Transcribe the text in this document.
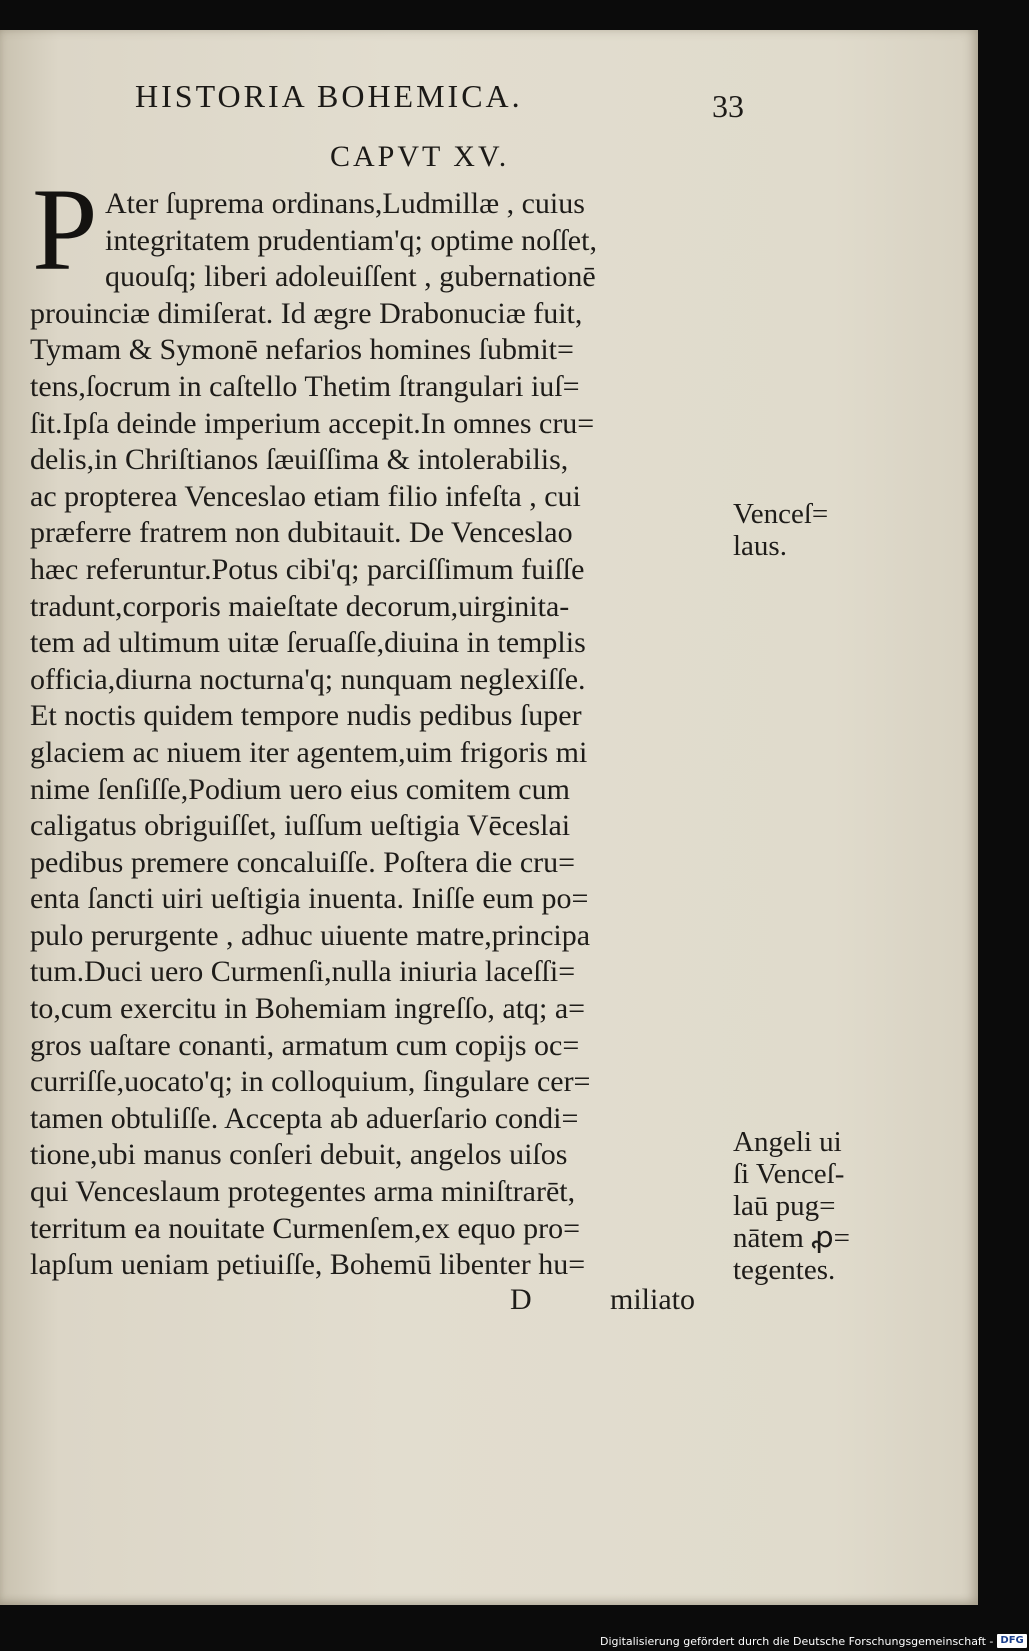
HISTORIA BOHEMICA.	33
CAPVT XV.
P Ater ſuprema ordinans,Ludmillæ , cuius
integritatem prudentiam'q; optime noſſet,
quouſq; liberi adoleuiſſent , gubernationē
prouinciæ dimiſerat. Id ægre Drabonuciæ fuit,
Tymam & Symonē nefarios homines ſubmit=
tens,ſocrum in caſtello Thetim ſtrangulari iuſ=
ſit.Ipſa deinde imperium accepit.In omnes cru=
delis,in Chriſtianos ſæuiſſima & intolerabilis,
ac propterea Venceslao etiam filio infeſta , cui
præferre fratrem non dubitauit. De Venceslao
hæc referuntur.Potus cibi'q; parciſſimum fuiſſe
tradunt,corporis maieſtate decorum,uirginita-
tem ad ultimum uitæ ſeruaſſe,diuina in templis
officia,diurna nocturna'q; nunquam neglexiſſe.
Et noctis quidem tempore nudis pedibus ſuper
glaciem ac niuem iter agentem,uim frigoris mi
nime ſenſiſſe,Podium uero eius comitem cum
caligatus obriguiſſet, iuſſum ueſtigia Vēceslai
pedibus premere concaluiſſe. Poſtera die cru=
enta ſancti uiri ueſtigia inuenta. Iniſſe eum po=
pulo perurgente , adhuc uiuente matre,principa
tum.Duci uero Curmenſi,nulla iniuria laceſſi=
to,cum exercitu in Bohemiam ingreſſo, atq; a=
gros uaſtare conanti, armatum cum copijs oc=
curriſſe,uocato'q; in colloquium, ſingulare cer=
tamen obtuliſſe. Accepta ab aduerſario condi=
tione,ubi manus conſeri debuit, angelos uiſos
qui Venceslaum protegentes arma miniſtrarēt,
territum ea nouitate Curmenſem,ex equo pro=
lapſum ueniam petiuiſſe, Bohemū libenter hu=
Vencеſ=
laus.
Angeli ui
ſi Venceſ-
laū pug=
nātem ꝓ=
tegentes.
D	miliato
$^{Digitalisierung gefördert durch die Deutsche Forschungsgemeinschaft -}$ DFG
